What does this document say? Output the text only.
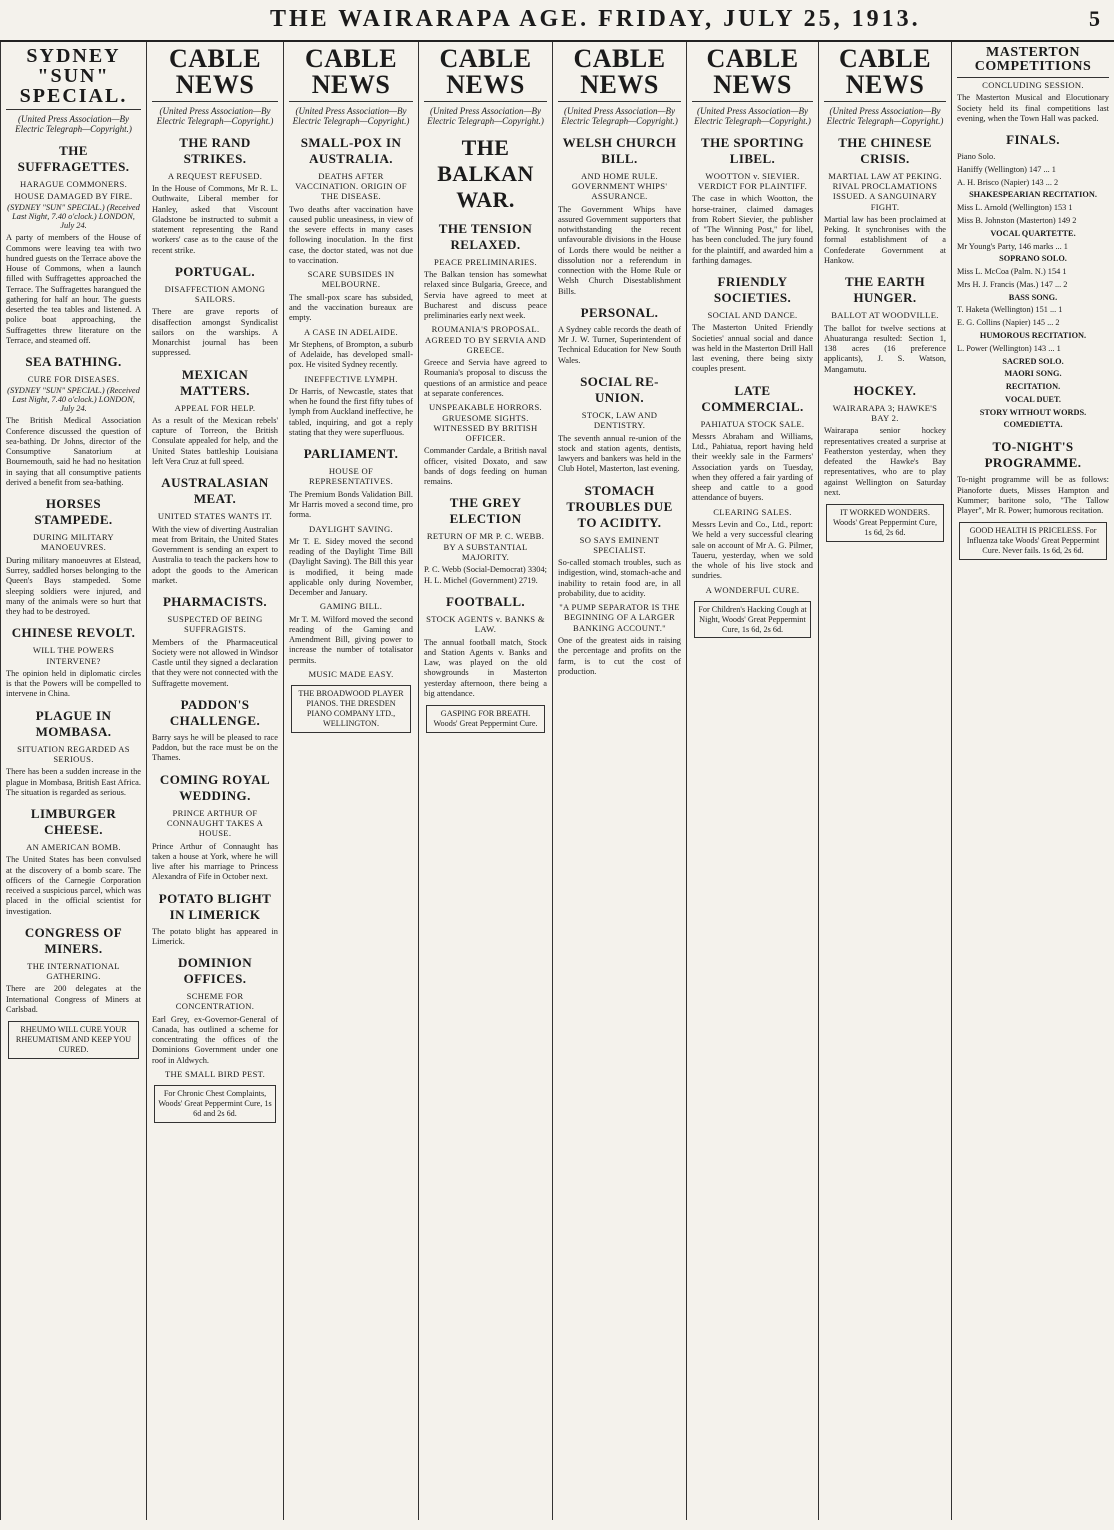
THE WAIRARAPA AGE. FRIDAY, JULY 25, 1913.	5
SYDNEY "SUN" SPECIAL.
(United Press Association—By Electric Telegraph—Copyright.)
THE SUFFRAGETTES.
HARAGUE COMMONERS.
HOUSE DAMAGED BY FIRE.
(SYDNEY "SUN" SPECIAL.) (Received Last Night, 7.40 o'clock.) LONDON, July 24.
A party of members of the House of Commons were leaving tea with two hundred guests on the Terrace above the House of Commons, when a launch filled with Suffragettes approached the Terrace. The Suffragettes harangued the gathering for half an hour. The guests deserted the tea tables and listened. A police boat approaching, the Suffragettes threw literature on the Terrace, and steamed off.
SEA BATHING.
CURE FOR DISEASES.
(SYDNEY "SUN" SPECIAL.) (Received Last Night, 7.40 o'clock.) LONDON, July 24.
The British Medical Association Conference discussed the question of sea-bathing. Dr Johns, director of the Consumptive Sanatorium at Bournemouth, said he had no hesitation in saying that all consumptive patients derived a benefit from sea-bathing.
HORSES STAMPEDE.
DURING MILITARY MANOEUVRES.
During military manoeuvres at Elstead, Surrey, saddled horses belonging to the Queen's Bays stampeded. Some sleeping soldiers were injured, and many of the animals were so hurt that they had to be destroyed.
CHINESE REVOLT.
WILL THE POWERS INTERVENE?
The opinion held in diplomatic circles is that the Powers will be compelled to intervene in China.
PLAGUE IN MOMBASA.
SITUATION REGARDED AS SERIOUS.
There has been a sudden increase in the plague in Mombasa, British East Africa. The situation is regarded as serious.
LIMBURGER CHEESE.
AN AMERICAN BOMB.
The United States has been convulsed at the discovery of a bomb scare. The officers of the Carnegie Corporation received a suspicious parcel, which was placed in the official scientist for investigation.
CONGRESS OF MINERS.
THE INTERNATIONAL GATHERING.
There are 200 delegates at the International Congress of Miners at Carlsbad.
RHEUMO WILL CURE YOUR RHEUMATISM AND KEEP YOU CURED.
CABLE NEWS
(United Press Association—By Electric Telegraph—Copyright.)
THE RAND STRIKES.
A REQUEST REFUSED.
In the House of Commons, Mr R. L. Outhwaite, Liberal member for Hanley, asked that Viscount Gladstone be instructed to submit a statement representing the Rand workers' case as to the cause of the recent strike.
PORTUGAL.
DISAFFECTION AMONG SAILORS.
There are grave reports of disaffection amongst Syndicalist sailors on the warships. A Monarchist journal has been suppressed.
MEXICAN MATTERS.
APPEAL FOR HELP.
As a result of the Mexican rebels' capture of Torreon, the British Consulate appealed for help, and the United States battleship Louisiana left Vera Cruz at full speed.
AUSTRALASIAN MEAT.
UNITED STATES WANTS IT.
With the view of diverting Australian meat from Britain, the United States Government is sending an expert to Australia to teach the packers how to adopt the goods to the American market.
PHARMACISTS.
SUSPECTED OF BEING SUFFRAGISTS.
Members of the Pharmaceutical Society were not allowed in Windsor Castle until they signed a declaration that they were not connected with the Suffragette movement.
PADDON'S CHALLENGE.
Barry says he will be pleased to race Paddon, but the race must be on the Thames.
COMING ROYAL WEDDING.
PRINCE ARTHUR OF CONNAUGHT TAKES A HOUSE.
Prince Arthur of Connaught has taken a house at York, where he will live after his marriage to Princess Alexandra of Fife in October next.
POTATO BLIGHT IN LIMERICK
The potato blight has appeared in Limerick.
DOMINION OFFICES.
SCHEME FOR CONCENTRATION.
Earl Grey, ex-Governor-General of Canada, has outlined a scheme for concentrating the offices of the Dominions Government under one roof in Aldwych.
THE SMALL BIRD PEST.
For Chronic Chest Complaints, Woods' Great Peppermint Cure, 1s 6d and 2s 6d.
CABLE NEWS
(United Press Association—By Electric Telegraph—Copyright.)
SMALL-POX IN AUSTRALIA.
DEATHS AFTER VACCINATION. ORIGIN OF THE DISEASE.
Two deaths after vaccination have caused public uneasiness, in view of the severe effects in many cases following inoculation. In the first case, the doctor stated, was not due to vaccination.
SCARE SUBSIDES IN MELBOURNE.
The small-pox scare has subsided, and the vaccination bureaux are empty.
A CASE IN ADELAIDE.
Mr Stephens, of Brompton, a suburb of Adelaide, has developed small-pox. He visited Sydney recently.
INEFFECTIVE LYMPH.
Dr Harris, of Newcastle, states that when he found the first fifty tubes of lymph from Auckland ineffective, he tabled, inquiring, and got a reply stating that they were superfluous.
PARLIAMENT.
HOUSE OF REPRESENTATIVES.
The Premium Bonds Validation Bill. Mr Harris moved a second time, pro forma.
DAYLIGHT SAVING.
Mr T. E. Sidey moved the second reading of the Daylight Time Bill (Daylight Saving). The Bill this year is modified, it being made applicable only during November, December and January.
GAMING BILL.
Mr T. M. Wilford moved the second reading of the Gaming and Amendment Bill, giving power to increase the number of totalisator permits.
MUSIC MADE EASY.
THE BROADWOOD PLAYER PIANOS. THE DRESDEN PIANO COMPANY LTD., WELLINGTON.
CABLE NEWS
(United Press Association—By Electric Telegraph—Copyright.)
THE BALKAN WAR.
THE TENSION RELAXED.
PEACE PRELIMINARIES.
The Balkan tension has somewhat relaxed since Bulgaria, Greece, and Servia have agreed to meet at Bucharest and discuss peace preliminaries early next week.
ROUMANIA'S PROPOSAL. AGREED TO BY SERVIA AND GREECE.
Greece and Servia have agreed to Roumania's proposal to discuss the questions of an armistice and peace at separate conferences.
UNSPEAKABLE HORRORS. GRUESOME SIGHTS. WITNESSED BY BRITISH OFFICER.
Commander Cardale, a British naval officer, visited Doxato, and saw bands of dogs feeding on human remains.
THE GREY ELECTION
RETURN OF MR P. C. WEBB. BY A SUBSTANTIAL MAJORITY.
P. C. Webb (Social-Democrat) 3304; H. L. Michel (Government) 2719.
FOOTBALL.
STOCK AGENTS v. BANKS & LAW.
The annual football match, Stock and Station Agents v. Banks and Law, was played on the old showgrounds in Masterton yesterday afternoon, there being a big attendance.
GASPING FOR BREATH. Woods' Great Peppermint Cure.
CABLE NEWS
(United Press Association—By Electric Telegraph—Copyright.)
WELSH CHURCH BILL.
AND HOME RULE. GOVERNMENT WHIPS' ASSURANCE.
The Government Whips have assured Government supporters that notwithstanding the recent unfavourable divisions in the House of Lords there would be neither a dissolution nor a referendum in connection with the Home Rule or Welsh Church Disestablishment Bills.
PERSONAL.
A Sydney cable records the death of Mr J. W. Turner, Superintendent of Technical Education for New South Wales.
SOCIAL RE-UNION.
STOCK, LAW AND DENTISTRY.
The seventh annual re-union of the stock and station agents, dentists, lawyers and bankers was held in the Club Hotel, Masterton, last evening.
STOMACH TROUBLES DUE TO ACIDITY.
SO SAYS EMINENT SPECIALIST.
So-called stomach troubles, such as indigestion, wind, stomach-ache and inability to retain food are, in all probability, due to acidity.
"A PUMP SEPARATOR IS THE BEGINNING OF A LARGER BANKING ACCOUNT."
One of the greatest aids in raising the percentage and profits on the farm, is to cut the cost of production.
CABLE NEWS
(United Press Association—By Electric Telegraph—Copyright.)
THE SPORTING LIBEL.
WOOTTON v. SIEVIER. VERDICT FOR PLAINTIFF.
The case in which Wootton, the horse-trainer, claimed damages from Robert Sievier, the publisher of "The Winning Post," for libel, has been concluded. The jury found for the plaintiff, and awarded him a farthing damages.
FRIENDLY SOCIETIES.
SOCIAL AND DANCE.
The Masterton United Friendly Societies' annual social and dance was held in the Masterton Drill Hall last evening, there being sixty couples present.
LATE COMMERCIAL.
PAHIATUA STOCK SALE.
Messrs Abraham and Williams, Ltd., Pahiatua, report having held their weekly sale in the Farmers' Association yards on Tuesday, when they offered a fair yarding of sheep and cattle to a good attendance of buyers.
CLEARING SALES.
Messrs Levin and Co., Ltd., report: We held a very successful clearing sale on account of Mr A. G. Pilmer, Taueru, yesterday, when we sold the whole of his live stock and sundries.
A WONDERFUL CURE.
For Children's Hacking Cough at Night, Woods' Great Peppermint Cure, 1s 6d, 2s 6d.
CABLE NEWS
(United Press Association—By Electric Telegraph—Copyright.)
THE CHINESE CRISIS.
MARTIAL LAW AT PEKING. RIVAL PROCLAMATIONS ISSUED. A SANGUINARY FIGHT.
Martial law has been proclaimed at Peking. It synchronises with the formal establishment of a Confederate Government at Hankow.
THE EARTH HUNGER.
BALLOT AT WOODVILLE.
The ballot for twelve sections at Ahuaturanga resulted: Section 1, 138 acres (16 preference applicants), J. S. Watson, Mangamutu.
HOCKEY.
WAIRARAPA 3; HAWKE'S BAY 2.
Wairarapa senior hockey representatives created a surprise at Featherston yesterday, when they defeated the Hawke's Bay representatives, who are to play against Wellington on Saturday next.
IT WORKED WONDERS. Woods' Great Peppermint Cure, 1s 6d, 2s 6d.
MASTERTON COMPETITIONS
CONCLUDING SESSION.
The Masterton Musical and Elocutionary Society held its final competitions last evening, when the Town Hall was packed.
FINALS.
Piano Solo.
Haniffy (Wellington) 147 ... 1
A. H. Brisco (Napier) 143 ... 2
SHAKESPEARIAN RECITATION.
Miss L. Arnold (Wellington) 153 1
Miss B. Johnston (Masterton) 149 2
VOCAL QUARTETTE.
Mr Young's Party, 146 marks ... 1
SOPRANO SOLO.
Miss L. McCoa (Palm. N.) 154 1
Mrs H. J. Francis (Mas.) 147 ... 2
BASS SONG.
T. Haketa (Wellington) 151 ... 1
E. G. Collins (Napier) 145 ... 2
HUMOROUS RECITATION.
L. Power (Wellington) 143 ... 1
SACRED SOLO.
MAORI SONG.
RECITATION.
VOCAL DUET.
STORY WITHOUT WORDS.
COMEDIETTA.
TO-NIGHT'S PROGRAMME.
To-night programme will be as follows: Pianoforte duets, Misses Hampton and Kummer; baritone solo, "The Tallow Player", Mr R. Power; humorous recitation.
GOOD HEALTH IS PRICELESS. For Influenza take Woods' Great Peppermint Cure. Never fails. 1s 6d, 2s 6d.
